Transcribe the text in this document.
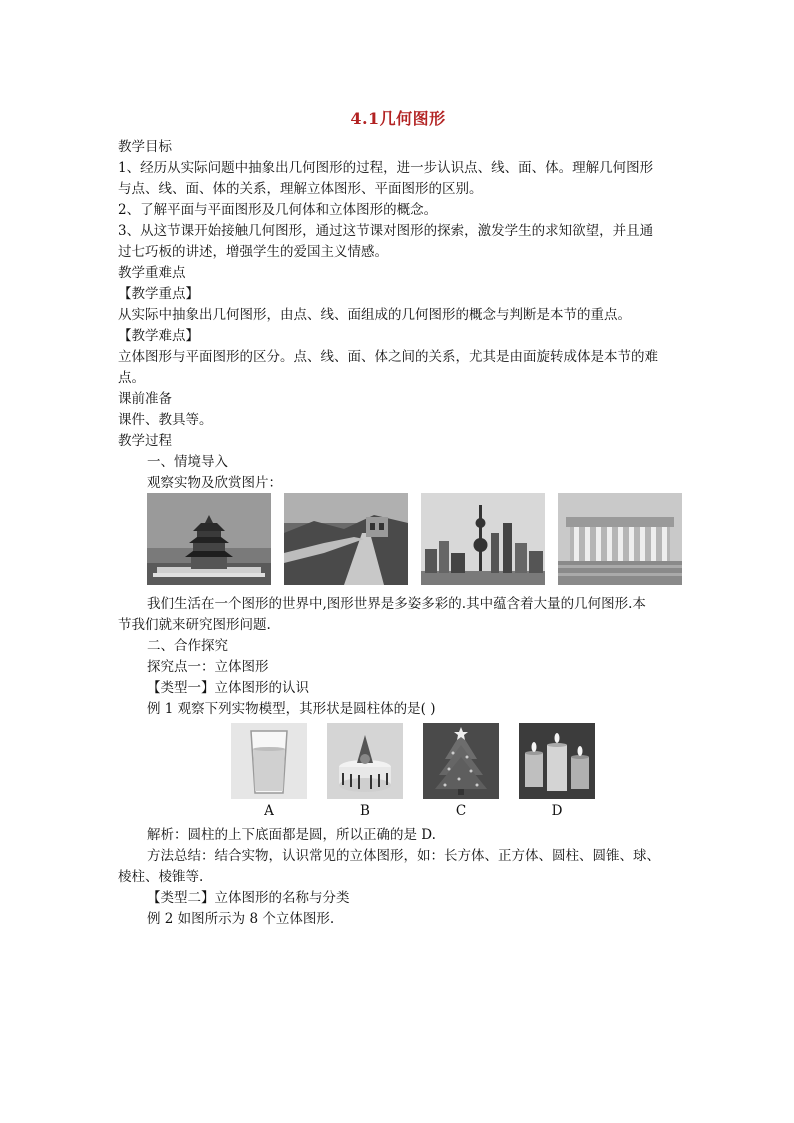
4.1几何图形
教学目标
1、经历从实际问题中抽象出几何图形的过程，进一步认识点、线、面、体。理解几何图形
与点、线、面、体的关系，理解立体图形、平面图形的区别。
2、了解平面与平面图形及几何体和立体图形的概念。
3、从这节课开始接触几何图形，通过这节课对图形的探索，激发学生的求知欲望，并且通
过七巧板的讲述，增强学生的爱国主义情感。
教学重难点
【教学重点】
从实际中抽象出几何图形，由点、线、面组成的几何图形的概念与判断是本节的重点。
【教学难点】
立体图形与平面图形的区分。点、线、面、体之间的关系，尤其是由面旋转成体是本节的难
点。
课前准备
课件、教具等。
教学过程
一、情境导入
观察实物及欣赏图片：
我们生活在一个图形的世界中,图形世界是多姿多彩的.其中蕴含着大量的几何图形.本
节我们就来研究图形问题.
二、合作探究
探究点一：立体图形
【类型一】立体图形的认识
例 1 观察下列实物模型，其形状是圆柱体的是( )
A	B	C	D
解析：圆柱的上下底面都是圆，所以正确的是 D.
方法总结：结合实物，认识常见的立体图形，如：长方体、正方体、圆柱、圆锥、球、
棱柱、棱锥等.
【类型二】立体图形的名称与分类
例 2 如图所示为 8 个立体图形.
